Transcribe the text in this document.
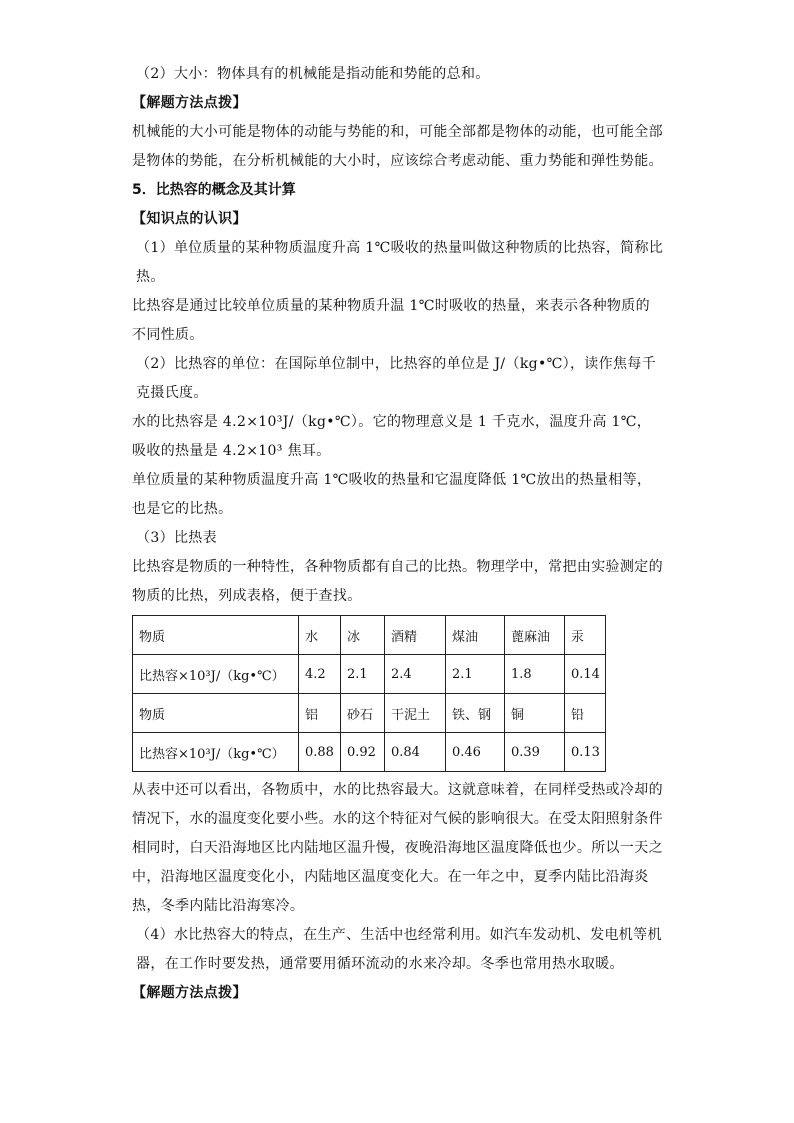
（2）大小：物体具有的机械能是指动能和势能的总和。

【解题方法点拨】

机械能的大小可能是物体的动能与势能的和，可能全部都是物体的动能，也可能全部是物体的势能，在分析机械能的大小时，应该综合考虑动能、重力势能和弹性势能。

5．比热容的概念及其计算

【知识点的认识】

（1）单位质量的某种物质温度升高 1℃吸收的热量叫做这种物质的比热容，简称比热。

比热容是通过比较单位质量的某种物质升温 1℃时吸收的热量，来表示各种物质的不同性质。

（2）比热容的单位：在国际单位制中，比热容的单位是 J/（kg•℃），读作焦每千克摄氏度。

水的比热容是 4.2×10³J/（kg•℃）。它的物理意义是 1 千克水，温度升高 1℃，吸收的热量是 4.2×10³ 焦耳。

单位质量的某种物质温度升高 1℃吸收的热量和它温度降低 1℃放出的热量相等，也是它的比热。

（3）比热表

比热容是物质的一种特性，各种物质都有自己的比热。物理学中，常把由实验测定的物质的比热，列成表格，便于查找。

物质	水	冰	酒精	煤油	蓖麻油	汞
比热容×10³J/（kg•℃）	4.2	2.1	2.4	2.1	1.8	0.14
物质	铝	砂石	干泥土	铁、钢	铜	铅
比热容×10³J/（kg•℃）	0.88	0.92	0.84	0.46	0.39	0.13

从表中还可以看出，各物质中，水的比热容最大。这就意味着，在同样受热或冷却的情况下，水的温度变化要小些。水的这个特征对气候的影响很大。在受太阳照射条件相同时，白天沿海地区比内陆地区温升慢，夜晚沿海地区温度降低也少。所以一天之中，沿海地区温度变化小，内陆地区温度变化大。在一年之中，夏季内陆比沿海炎热，冬季内陆比沿海寒冷。

（4）水比热容大的特点，在生产、生活中也经常利用。如汽车发动机、发电机等机器，在工作时要发热，通常要用循环流动的水来冷却。冬季也常用热水取暖。

【解题方法点拨】
